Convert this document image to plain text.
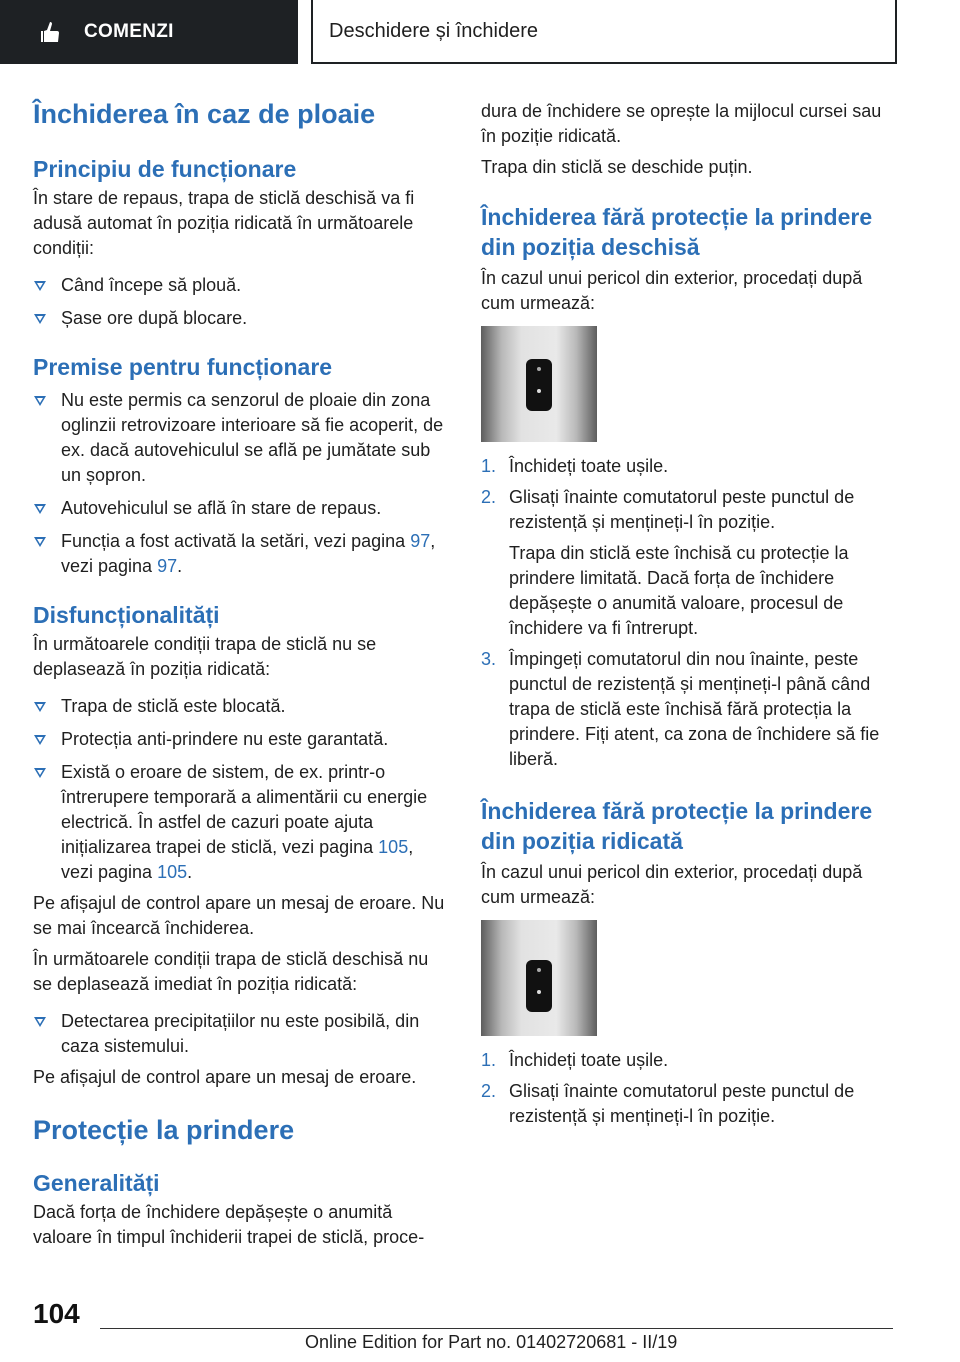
COMENZI	Deschidere și închidere
Închiderea în caz de ploaie
Principiu de funcționare

În stare de repaus, trapa de sticlă deschisă va fi adusă automat în poziția ridicată în următoarele condiții:

Când începe să plouă.
Șase ore după blocare.
Premise pentru funcționare
Nu este permis ca senzorul de ploaie din zona oglinzii retrovizoare interioare să fie acoperit, de ex. dacă autovehiculul se află pe jumătate sub un șopron.
Autovehiculul se află în stare de repaus.
Funcția a fost activată la setări, vezi pagina 97, vezi pagina 97.
Disfuncționalități

În următoarele condiții trapa de sticlă nu se deplasează în poziția ridicată:

Trapa de sticlă este blocată.
Protecția anti-prindere nu este garantată.
Există o eroare de sistem, de ex. printr-o întrerupere temporară a alimentării cu energie electrică. În astfel de cazuri poate ajuta inițializarea trapei de sticlă, vezi pagina 105, vezi pagina 105.

Pe afișajul de control apare un mesaj de eroare. Nu se mai încearcă închiderea.

În următoarele condiții trapa de sticlă deschisă nu se deplasează imediat în poziția ridicată:

Detectarea precipitațiilor nu este posibilă, din caza sistemului.

Pe afișajul de control apare un mesaj de eroare.

Protecție la prindere
Generalități

Dacă forța de închidere depășește o anumită valoare în timpul închiderii trapei de sticlă, proce-

dura de închidere se oprește la mijlocul cursei sau în poziție ridicată.

Trapa din sticlă se deschide puțin.

Închiderea fără protecție la prindere din poziția deschisă

În cazul unui pericol din exterior, procedați după cum urmează:

1. Închideți toate ușile.
2. Glisați înainte comutatorul peste punctul de rezistență și mențineți-l în poziție.
Trapa din sticlă este închisă cu protecție la prindere limitată. Dacă forța de închidere depășește o anumită valoare, procesul de închidere va fi întrerupt.
3. Împingeți comutatorul din nou înainte, peste punctul de rezistență și mențineți-l până când trapa de sticlă este închisă fără protecția la prindere. Fiți atent, ca zona de închidere să fie liberă.
Închiderea fără protecție la prindere din poziția ridicată

În cazul unui pericol din exterior, procedați după cum urmează:

1. Închideți toate ușile.
2. Glisați înainte comutatorul peste punctul de rezistență și mențineți-l în poziție.
104
Online Edition for Part no. 01402720681 - II/19
